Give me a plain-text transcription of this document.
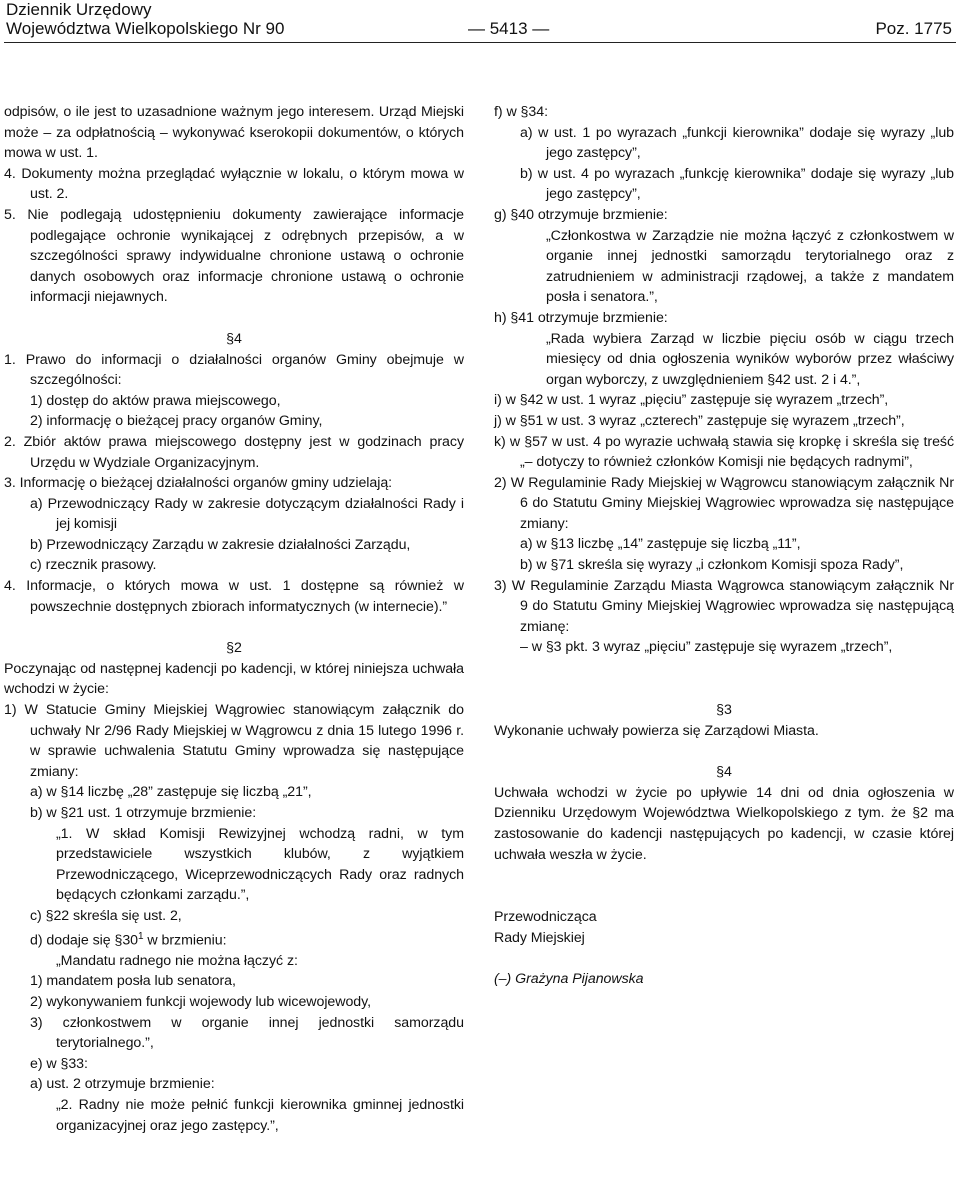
Dziennik Urzędowy
Województwa Wielkopolskiego Nr 90	— 5413 —	Poz. 1775

odpisów, o ile jest to uzasadnione ważnym jego interesem. Urząd Miejski może – za odpłatnością – wykonywać kserokopii dokumentów, o których mowa w ust. 1.

4. Dokumenty można przeglądać wyłącznie w lokalu, o którym mowa w ust. 2.

5. Nie podlegają udostępnieniu dokumenty zawierające informacje podlegające ochronie wynikającej z odrębnych przepisów, a w szczególności sprawy indywidualne chronione ustawą o ochronie danych osobowych oraz informacje chronione ustawą o ochronie informacji niejawnych.

§4

1. Prawo do informacji o działalności organów Gminy obejmuje w szczególności:

1) dostęp do aktów prawa miejscowego,

2) informację o bieżącej pracy organów Gminy,

2. Zbiór aktów prawa miejscowego dostępny jest w godzinach pracy Urzędu w Wydziale Organizacyjnym.

3. Informację o bieżącej działalności organów gminy udzielają:

a) Przewodniczący Rady w zakresie dotyczącym działalności Rady i jej komisji

b) Przewodniczący Zarządu w zakresie działalności Zarządu,

c) rzecznik prasowy.

4. Informacje, o których mowa w ust. 1 dostępne są również w powszechnie dostępnych zbiorach informatycznych (w internecie).”

§2

Poczynając od następnej kadencji po kadencji, w której niniejsza uchwała wchodzi w życie:

1) W Statucie Gminy Miejskiej Wągrowiec stanowiącym załącznik do uchwały Nr 2/96 Rady Miejskiej w Wągrowcu z dnia 15 lutego 1996 r. w sprawie uchwalenia Statutu Gminy wprowadza się następujące zmiany:

a) w §14 liczbę „28” zastępuje się liczbą „21”,

b) w §21 ust. 1 otrzymuje brzmienie:

„1. W skład Komisji Rewizyjnej wchodzą radni, w tym przedstawiciele wszystkich klubów, z wyjątkiem Przewodniczącego, Wiceprzewodniczących Rady oraz radnych będących członkami zarządu.”,

c) §22 skreśla się ust. 2,

d) dodaje się $\S 30^1$ w brzmieniu:

„Mandatu radnego nie można łączyć z:

1) mandatem posła lub senatora,

2) wykonywaniem funkcji wojewody lub wicewojewody,

3) członkostwem w organie innej jednostki samorządu terytorialnego.”,

e) w §33:

a) ust. 2 otrzymuje brzmienie:

„2. Radny nie może pełnić funkcji kierownika gminnej jednostki organizacyjnej oraz jego zastępcy.”,

f) w §34:

a) w ust. 1 po wyrazach „funkcji kierownika” dodaje się wyrazy „lub jego zastępcy”,

b) w ust. 4 po wyrazach „funkcję kierownika” dodaje się wyrazy „lub jego zastępcy”,

g) §40 otrzymuje brzmienie:

„Członkostwa w Zarządzie nie można łączyć z członkostwem w organie innej jednostki samorządu terytorialnego oraz z zatrudnieniem w administracji rządowej, a także z mandatem posła i senatora.”,

h) §41 otrzymuje brzmienie:

„Rada wybiera Zarząd w liczbie pięciu osób w ciągu trzech miesięcy od dnia ogłoszenia wyników wyborów przez właściwy organ wyborczy, z uwzględnieniem §42 ust. 2 i 4.”,

i) w §42 w ust. 1 wyraz „pięciu” zastępuje się wyrazem „trzech”,

j) w §51 w ust. 3 wyraz „czterech” zastępuje się wyrazem „trzech”,

k) w §57 w ust. 4 po wyrazie uchwałą stawia się kropkę i skreśla się treść „– dotyczy to również członków Komisji nie będących radnymi”,

2) W Regulaminie Rady Miejskiej w Wągrowcu stanowiącym załącznik Nr 6 do Statutu Gminy Miejskiej Wągrowiec wprowadza się następujące zmiany:

a) w §13 liczbę „14” zastępuje się liczbą „11”,

b) w §71 skreśla się wyrazy „i członkom Komisji spoza Rady”,

3) W Regulaminie Zarządu Miasta Wągrowca stanowiącym załącznik Nr 9 do Statutu Gminy Miejskiej Wągrowiec wprowadza się następującą zmianę:

– w §3 pkt. 3 wyraz „pięciu” zastępuje się wyrazem „trzech”,

§3

Wykonanie uchwały powierza się Zarządowi Miasta.

§4

Uchwała wchodzi w życie po upływie 14 dni od dnia ogłoszenia w Dzienniku Urzędowym Województwa Wielkopolskiego z tym. że §2 ma zastosowanie do kadencji następujących po kadencji, w czasie której uchwała weszła w życie.

Przewodnicząca

Rady Miejskiej

(–) Grażyna Pijanowska
